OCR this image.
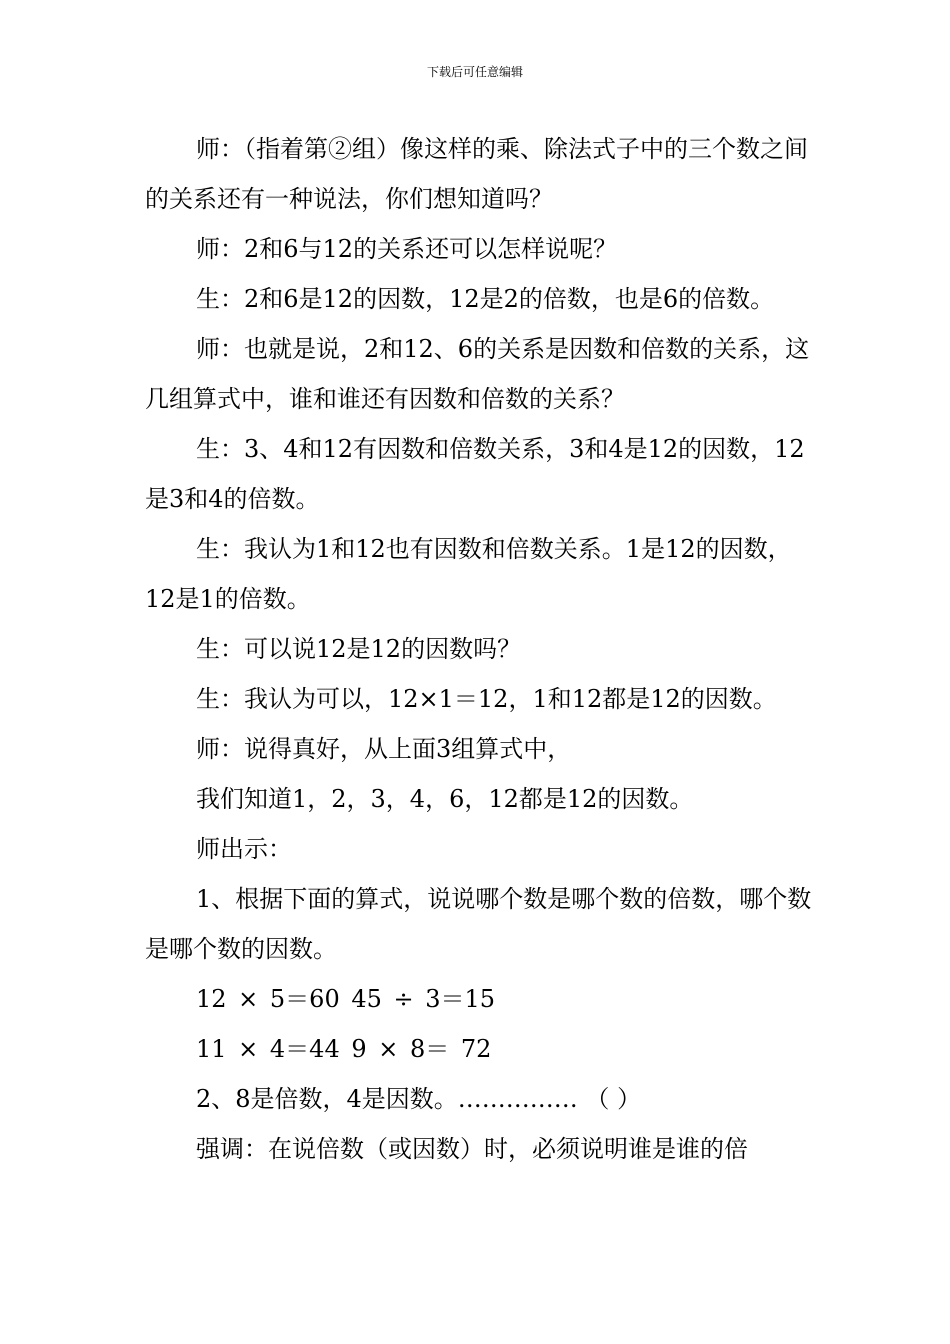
下载后可任意编辑

师：（指着第②组）像这样的乘、除法式子中的三个数之间的关系还有一种说法，你们想知道吗？

师：2和6与12的关系还可以怎样说呢？

生：2和6是12的因数，12是2的倍数，也是6的倍数。

师：也就是说，2和12、6的关系是因数和倍数的关系，这几组算式中，谁和谁还有因数和倍数的关系？

生：3、4和12有因数和倍数关系，3和4是12的因数，12是3和4的倍数。

生：我认为1和12也有因数和倍数关系。1是12的因数，12是1的倍数。

生：可以说12是12的因数吗？

生：我认为可以，12×1＝12，1和12都是12的因数。

师：说得真好，从上面3组算式中，

我们知道1，2，3，4，6，12都是12的因数。

师出示：

1、根据下面的算式，说说哪个数是哪个数的倍数，哪个数是哪个数的因数。

12 × 5＝60 45 ÷ 3＝15

11 × 4＝44 9 × 8＝ 72

2、8是倍数，4是因数。…………… （ ）

强调：在说倍数（或因数）时，必须说明谁是谁的倍
